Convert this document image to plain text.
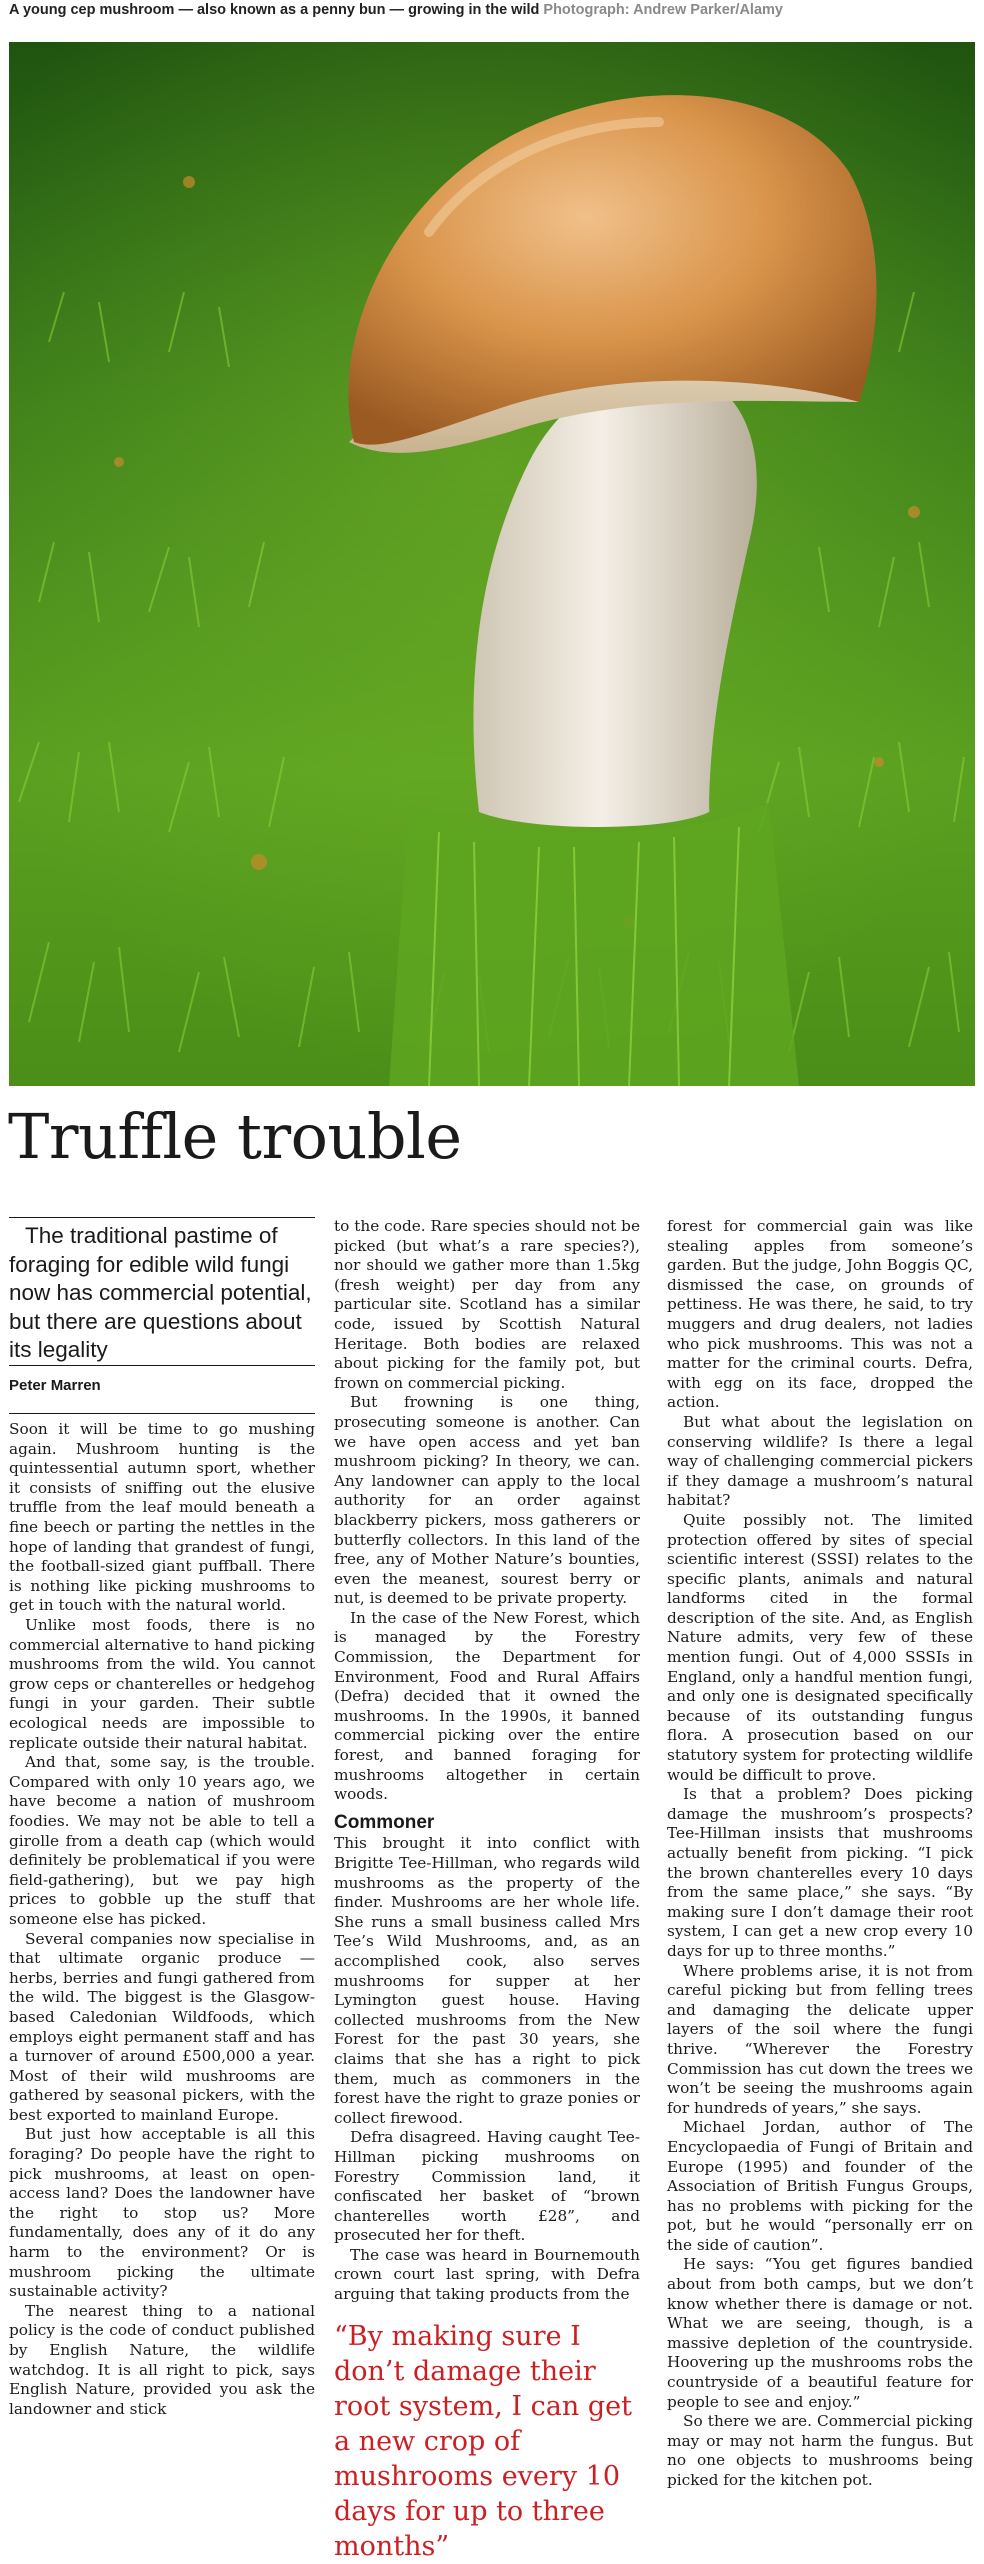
A young cep mushroom — also known as a penny bun — growing in the wild Photograph: Andrew Parker/Alamy
Truffle trouble

The traditional pastime of foraging for edible wild fungi now has commercial potential, but there are questions about its legality

Peter Marren

Soon it will be time to go mushing again. Mushroom hunting is the quintessential autumn sport, whether it consists of sniffing out the elusive truffle from the leaf mould beneath a fine beech or parting the nettles in the hope of landing that grandest of fungi, the football-sized giant puffball. There is nothing like picking mushrooms to get in touch with the natural world.

Unlike most foods, there is no commercial alternative to hand picking mushrooms from the wild. You cannot grow ceps or chanterelles or hedgehog fungi in your garden. Their subtle ecological needs are impossible to replicate outside their natural habitat.

And that, some say, is the trouble. Compared with only 10 years ago, we have become a nation of mushroom foodies. We may not be able to tell a girolle from a death cap (which would definitely be problematical if you were field-gathering), but we pay high prices to gobble up the stuff that someone else has picked.

Several companies now specialise in that ultimate organic produce — herbs, berries and fungi gathered from the wild. The biggest is the Glasgow-based Caledonian Wildfoods, which employs eight permanent staff and has a turnover of around £500,000 a year. Most of their wild mushrooms are gathered by seasonal pickers, with the best exported to mainland Europe.

But just how acceptable is all this foraging? Do people have the right to pick mushrooms, at least on open-access land? Does the landowner have the right to stop us? More fundamentally, does any of it do any harm to the environment? Or is mushroom picking the ultimate sustainable activity?

The nearest thing to a national policy is the code of conduct published by English Nature, the wildlife watchdog. It is all right to pick, says English Nature, provided you ask the landowner and stick

to the code. Rare species should not be picked (but what’s a rare species?), nor should we gather more than 1.5kg (fresh weight) per day from any particular site. Scotland has a similar code, issued by Scottish Natural Heritage. Both bodies are relaxed about picking for the family pot, but frown on commercial picking.

But frowning is one thing, prosecuting someone is another. Can we have open access and yet ban mushroom picking? In theory, we can. Any landowner can apply to the local authority for an order against blackberry pickers, moss gatherers or butterfly collectors. In this land of the free, any of Mother Nature’s bounties, even the meanest, sourest berry or nut, is deemed to be private property.

In the case of the New Forest, which is managed by the Forestry Commission, the Department for Environment, Food and Rural Affairs (Defra) decided that it owned the mushrooms. In the 1990s, it banned commercial picking over the entire forest, and banned foraging for mushrooms altogether in certain woods.

Commoner

This brought it into conflict with Brigitte Tee-Hillman, who regards wild mushrooms as the property of the finder. Mushrooms are her whole life. She runs a small business called Mrs Tee’s Wild Mushrooms, and, as an accomplished cook, also serves mushrooms for supper at her Lymington guest house. Having collected mushrooms from the New Forest for the past 30 years, she claims that she has a right to pick them, much as commoners in the forest have the right to graze ponies or collect firewood.

Defra disagreed. Having caught Tee-Hillman picking mushrooms on Forestry Commission land, it confiscated her basket of “brown chanterelles worth £28”, and prosecuted her for theft.

The case was heard in Bournemouth crown court last spring, with Defra arguing that taking products from the

“By making sure I don’t damage their root system, I can get a new crop of mushrooms every 10 days for up to three months”

forest for commercial gain was like stealing apples from someone’s garden. But the judge, John Boggis QC, dismissed the case, on grounds of pettiness. He was there, he said, to try muggers and drug dealers, not ladies who pick mushrooms. This was not a matter for the criminal courts. Defra, with egg on its face, dropped the action.

But what about the legislation on conserving wildlife? Is there a legal way of challenging commercial pickers if they damage a mushroom’s natural habitat?

Quite possibly not. The limited protection offered by sites of special scientific interest (SSSI) relates to the specific plants, animals and natural landforms cited in the formal description of the site. And, as English Nature admits, very few of these mention fungi. Out of 4,000 SSSIs in England, only a handful mention fungi, and only one is designated specifically because of its outstanding fungus flora. A prosecution based on our statutory system for protecting wildlife would be difficult to prove.

Is that a problem? Does picking damage the mushroom’s prospects? Tee-Hillman insists that mushrooms actually benefit from picking. “I pick the brown chanterelles every 10 days from the same place,” she says. “By making sure I don’t damage their root system, I can get a new crop every 10 days for up to three months.”

Where problems arise, it is not from careful picking but from felling trees and damaging the delicate upper layers of the soil where the fungi thrive. “Wherever the Forestry Commission has cut down the trees we won’t be seeing the mushrooms again for hundreds of years,” she says.

Michael Jordan, author of The Encyclopaedia of Fungi of Britain and Europe (1995) and founder of the Association of British Fungus Groups, has no problems with picking for the pot, but he would “personally err on the side of caution”.

He says: “You get figures bandied about from both camps, but we don’t know whether there is damage or not. What we are seeing, though, is a massive depletion of the countryside. Hoovering up the mushrooms robs the countryside of a beautiful feature for people to see and enjoy.”

So there we are. Commercial picking may or may not harm the fungus. But no one objects to mushrooms being picked for the kitchen pot.
